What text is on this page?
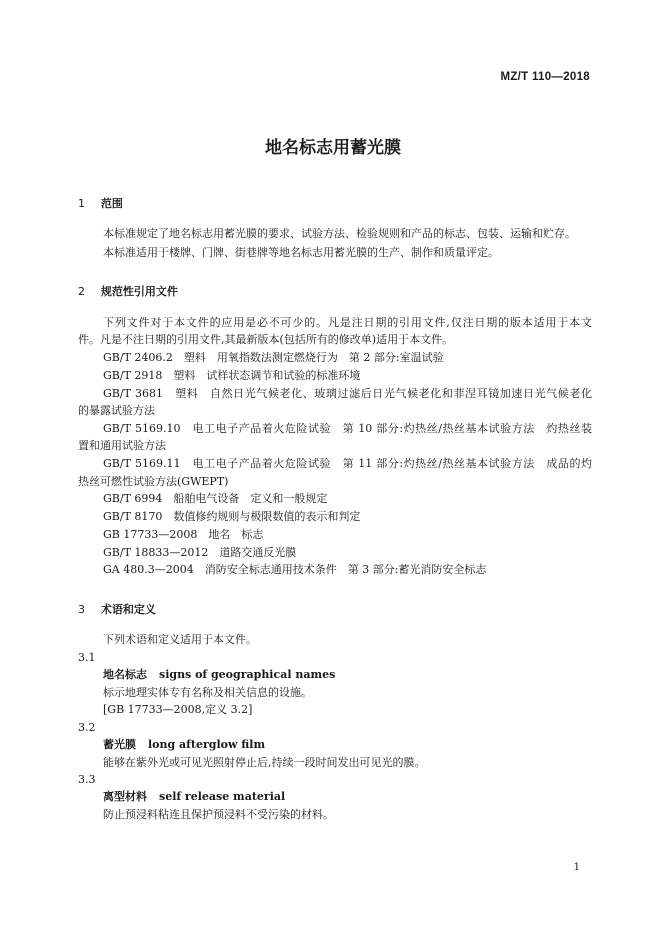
MZ/T 110—2018
地名标志用蓄光膜
1 范围
本标准规定了地名标志用蓄光膜的要求、试验方法、检验规则和产品的标志、包装、运输和贮存。
本标准适用于楼牌、门牌、街巷牌等地名标志用蓄光膜的生产、制作和质量评定。
2 规范性引用文件
下列文件对于本文件的应用是必不可少的。凡是注日期的引用文件,仅注日期的版本适用于本文
件。凡是不注日期的引用文件,其最新版本(包括所有的修改单)适用于本文件。
GB/T 2406.2　塑料　用氧指数法测定燃烧行为　第 2 部分:室温试验
GB/T 2918　塑料　试样状态调节和试验的标准环境
GB/T 3681　塑料　自然日光气候老化、玻璃过滤后日光气候老化和菲涅耳镜加速日光气候老化
的暴露试验方法
GB/T 5169.10　电工电子产品着火危险试验　第 10 部分:灼热丝/热丝基本试验方法　灼热丝装
置和通用试验方法
GB/T 5169.11　电工电子产品着火危险试验　第 11 部分:灼热丝/热丝基本试验方法　成品的灼
热丝可燃性试验方法(GWEPT)
GB/T 6994　船舶电气设备　定义和一般规定
GB/T 8170　数值修约规则与极限数值的表示和判定
GB 17733—2008　地名　标志
GB/T 18833—2012　道路交通反光膜
GA 480.3—2004　消防安全标志通用技术条件　第 3 部分:蓄光消防安全标志
3 术语和定义
下列术语和定义适用于本文件。
3.1
地名标志 signs of geographical names
标示地理实体专有名称及相关信息的设施。
[GB 17733—2008,定义 3.2]
3.2
蓄光膜 long afterglow film
能够在紫外光或可见光照射停止后,持续一段时间发出可见光的膜。
3.3
离型材料 self release material
防止预浸料粘连且保护预浸料不受污染的材料。
1
